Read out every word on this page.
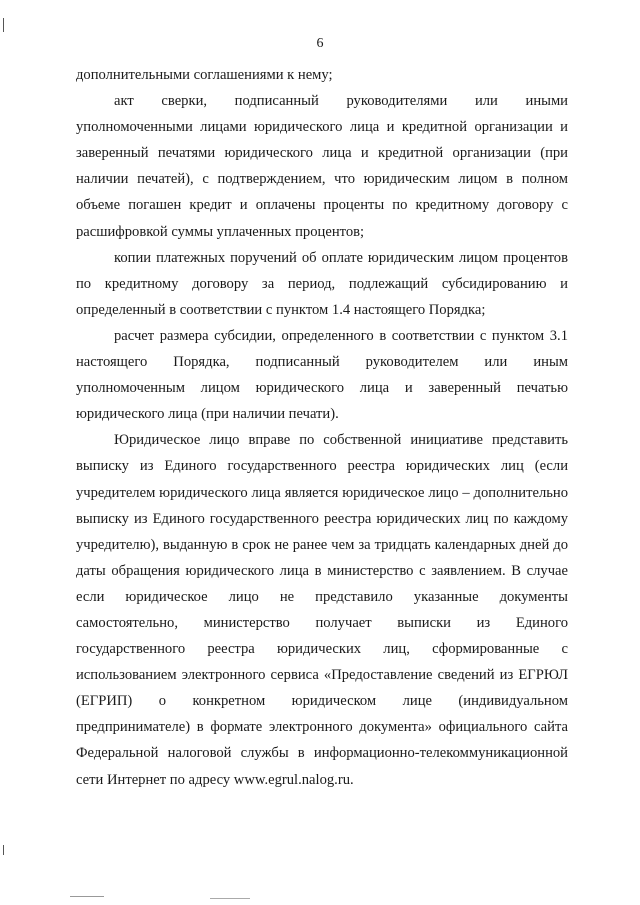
6

дополнительными соглашениями к нему;

акт сверки, подписанный руководителями или иными уполномоченными лицами юридического лица и кредитной организации и заверенный печатями юридического лица и кредитной организации (при наличии печатей), с подтверждением, что юридическим лицом в полном объеме погашен кредит и оплачены проценты по кредитному договору с расшифровкой суммы уплаченных процентов;

копии платежных поручений об оплате юридическим лицом процентов по кредитному договору за период, подлежащий субсидированию и определенный в соответствии с пунктом 1.4 настоящего Порядка;

расчет размера субсидии, определенного в соответствии с пунктом 3.1 настоящего Порядка, подписанный руководителем или иным уполномоченным лицом юридического лица и заверенный печатью юридического лица (при наличии печати).

Юридическое лицо вправе по собственной инициативе представить выписку из Единого государственного реестра юридических лиц (если учредителем юридического лица является юридическое лицо – дополнительно выписку из Единого государственного реестра юридических лиц по каждому учредителю), выданную в срок не ранее чем за тридцать календарных дней до даты обращения юридического лица в министерство с заявлением. В случае если юридическое лицо не представило указанные документы самостоятельно, министерство получает выписки из Единого государственного реестра юридических лиц, сформированные с использованием электронного сервиса «Предоставление сведений из ЕГРЮЛ (ЕГРИП) о конкретном юридическом лице (индивидуальном предпринимателе) в формате электронного документа» официального сайта Федеральной налоговой службы в информационно-телекоммуникационной сети Интернет по адресу www.egrul.nalog.ru.
